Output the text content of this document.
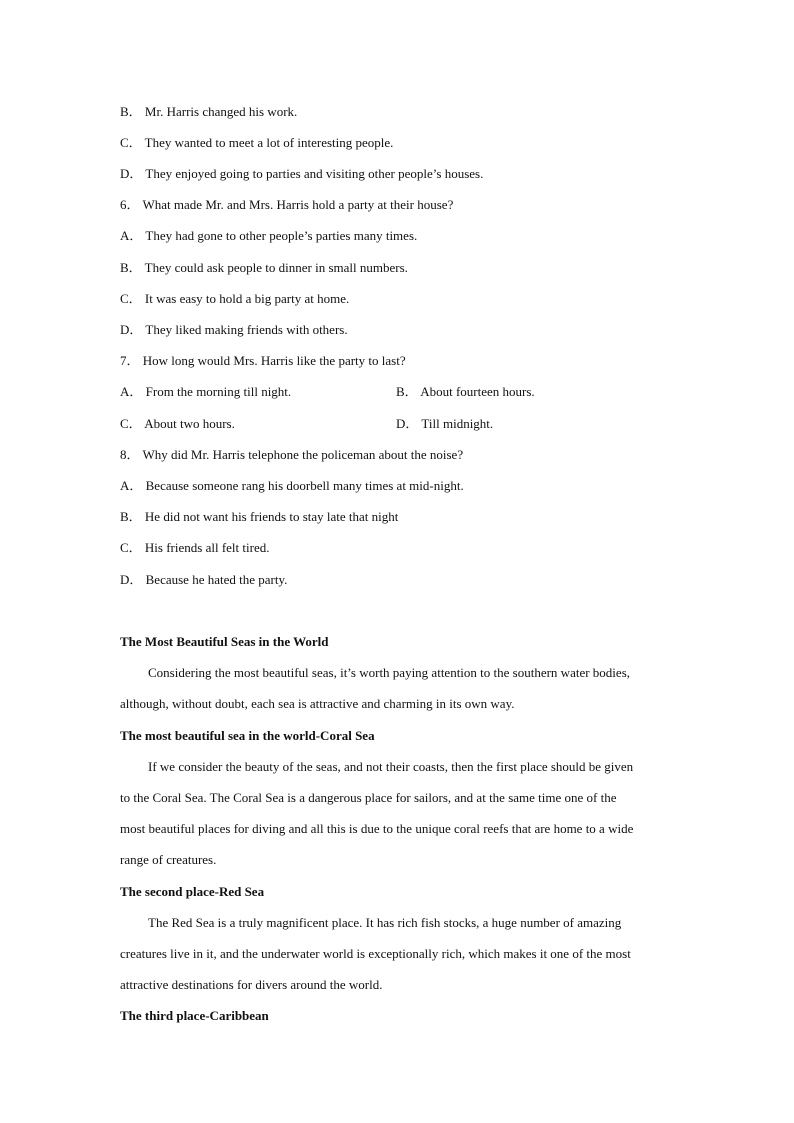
B． Mr. Harris changed his work.
C． They wanted to meet a lot of interesting people.
D． They enjoyed going to parties and visiting other people’s houses.
6． What made Mr. and Mrs. Harris hold a party at their house?
A． They had gone to other people’s parties many times.
B． They could ask people to dinner in small numbers.
C． It was easy to hold a big party at home.
D． They liked making friends with others.
7． How long would Mrs. Harris like the party to last?
A． From the morning till night.	B． About fourteen hours.
C． About two hours.	D． Till midnight.
8． Why did Mr. Harris telephone the policeman about the noise?
A． Because someone rang his doorbell many times at mid-night.
B． He did not want his friends to stay late that night
C． His friends all felt tired.
D． Because he hated the party.
The Most Beautiful Seas in the World
Considering the most beautiful seas, it’s worth paying attention to the southern water bodies,
although, without doubt, each sea is attractive and charming in its own way.
The most beautiful sea in the world-Coral Sea
If we consider the beauty of the seas, and not their coasts, then the first place should be given
to the Coral Sea. The Coral Sea is a dangerous place for sailors, and at the same time one of the
most beautiful places for diving and all this is due to the unique coral reefs that are home to a wide
range of creatures.
The second place-Red Sea
The Red Sea is a truly magnificent place. It has rich fish stocks, a huge number of amazing
creatures live in it, and the underwater world is exceptionally rich, which makes it one of the most
attractive destinations for divers around the world.
The third place-Caribbean
